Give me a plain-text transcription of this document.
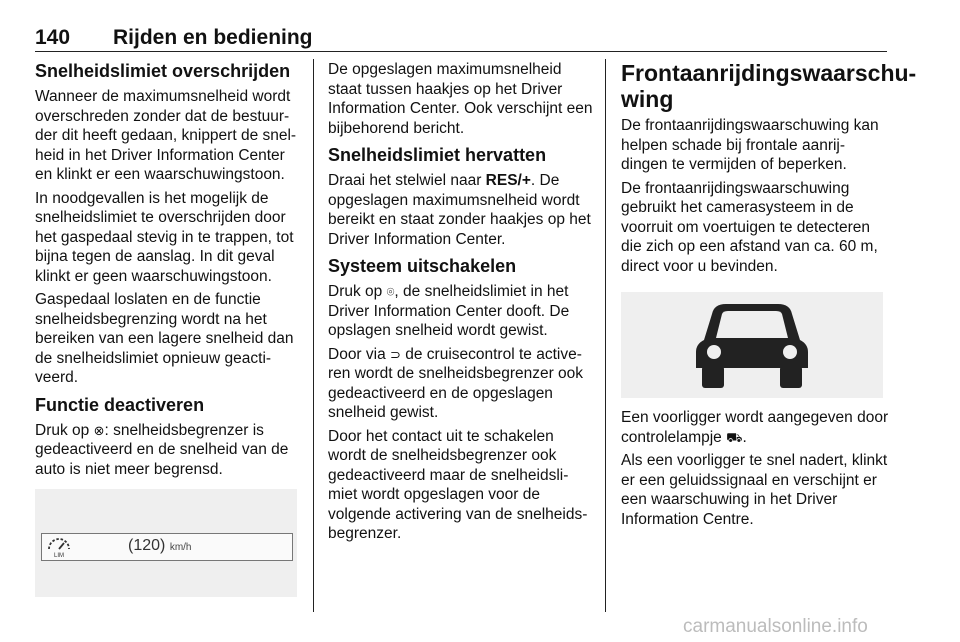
140 Rijden en bediening
Snelheidslimiet overschrijden

Wanneer de maximumsnelheid wordt overschreden zonder dat de bestuur-der dit heeft gedaan, knippert de snel-heid in het Driver Information Center en klinkt er een waarschuwingstoon.

In noodgevallen is het mogelijk de snelheidslimiet te overschrijden door het gaspedaal stevig in te trappen, tot bijna tegen de aanslag. In dit geval klinkt er geen waarschuwingstoon.

Gaspedaal loslaten en de functie snelheidsbegrenzing wordt na het bereiken van een lagere snelheid dan de snelheidslimiet opnieuw geacti-veerd.

Functie deactiveren

Druk op ⊗: snelheidsbegrenzer is gedeactiveerd en de snelheid van de auto is niet meer begrensd.

LIM
(120) km/h

De opgeslagen maximumsnelheid staat tussen haakjes op het Driver Information Center. Ook verschijnt een bijbehorend bericht.

Snelheidslimiet hervatten

Draai het stelwiel naar RES/+. De opgeslagen maximumsnelheid wordt bereikt en staat zonder haakjes op het Driver Information Center.

Systeem uitschakelen

Druk op ⌾, de snelheidslimiet in het Driver Information Center dooft. De opslagen snelheid wordt gewist.

Door via ⊃ de cruisecontrol te active-ren wordt de snelheidsbegrenzer ook gedeactiveerd en de opgeslagen snelheid gewist.

Door het contact uit te schakelen wordt de snelheidsbegrenzer ook gedeactiveerd maar de snelheidsli-miet wordt opgeslagen voor de volgende activering van de snelheids-begrenzer.

Frontaanrijdingswaarschu-wing

De frontaanrijdingswaarschuwing kan helpen schade bij frontale aanrij-dingen te vermijden of beperken.

De frontaanrijdingswaarschuwing gebruikt het camerasysteem in de voorruit om voertuigen te detecteren die zich op een afstand van ca. 60 m, direct voor u bevinden.

Een voorligger wordt aangegeven door controlelampje ⛟.

Als een voorligger te snel nadert, klinkt er een geluidssignaal en verschijnt er een waarschuwing in het Driver Information Centre.

carmanualsonline.info
